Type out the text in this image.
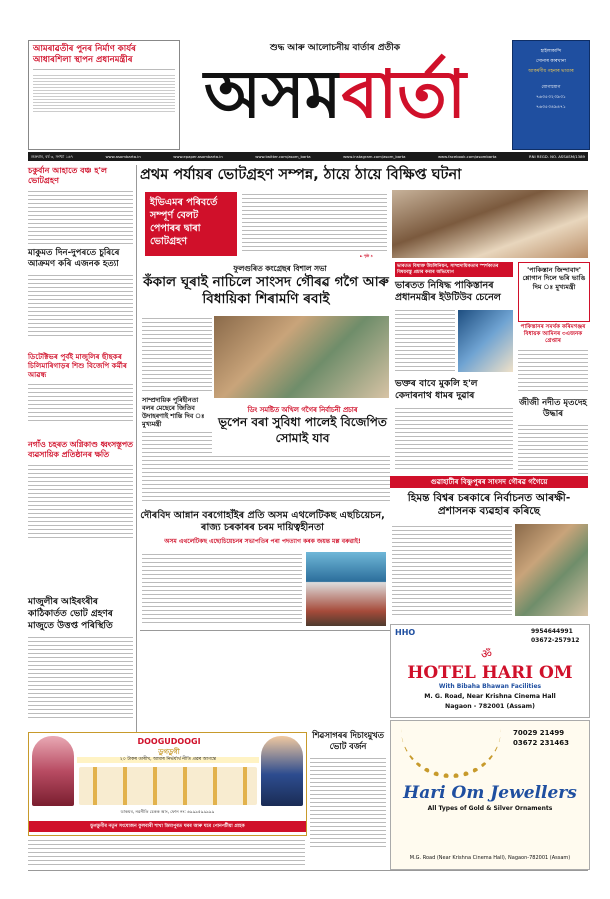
আমৰাৱতীৰ পুনৰ নিৰ্মাণ কাৰ্যৰ
আধাৰশিলা স্থাপন প্ৰধানমন্ত্ৰীৰ
শুদ্ধ আৰু আলোচনীয় বাৰ্তাৰ প্ৰতীক
অসমবাৰ্তা
হাইলাকান্দি
সোনাৰ কাৰখানা
আকৰ্ষণীয় গহনাৰ ভাণ্ডাৰ
যোগাযোগ
৭৬৩৫৩২৩৯৩১
৭৬৩৫৩৪৯৪৭১
শুক্ৰবাৰ, বৰ্ষ ৩, সংখ্যা ১৬৭	www.asombarta.in	www.epaper.asombarta.in	www.twitter.com/asom_barta	www.instagram.com/asom_barta	www.facebook.com/asombarta	RNI REGD. NO. ASSASM/1389
চকুৰ্বান আহাতে বঞ্চ হ'ল ভোটগ্ৰহণ
মাকুমত দিন-দুপৰতে চুৰিৰে আক্ৰমণ কৰি এজনক হত্যা
ডিটেক্টিভৰ পুৰ্বই মাজুলিৰ ছীছকৰ চিলিমাৰিগাড়ৰ শিশু বিজেপি কৰ্মীৰ আৱন্ধ
নগাঁও চহৰত অগ্নিকাণ্ড ধ্বংসস্তূপত ব্যৱসায়িক প্ৰতিষ্ঠানৰ ক্ষতি
মাজুলীৰ আইৰংৰীৰ কাঠিকাৰ্তত ভোট গ্ৰহণৰ মাজুতে উত্তপ্ত পৰিস্থিতি
প্ৰথম পৰ্যায়ৰ ভোটগ্ৰহণ সম্পন্ন, ঠায়ে ঠায়ে বিক্ষিপ্ত ঘটনা
ইভিএমৰ পৰিবৰ্তে সম্পূৰ্ণ বেলট পেপাৰৰ দ্বাৰা ভোটগ্ৰহণ
► পৃষ্ঠা ৪
ফুলগুৰিত কংগ্ৰেছৰ বিশাল সভা
কঁকাল ঘূৰাই নাচিলে সাংসদ গৌৰৱ গগৈ আৰু বিধায়িকা শিৰামণি ৰবাই
সাম্প্ৰদায়িক পুৰিহীনতা বলৰ মেছেৰে জিতিব উদাহৰণাই শান্তি দিব ঃ মুখ্যমন্ত্ৰী
ডিং সমষ্টিত অখিল গগৈৰ নিৰ্বাচনী প্ৰচাৰ
ভূপেন বৰা সুবিধা পালেই বিজেপিত সোমাই যাব
ভাৰতত বিষাক্ত উচলিনিয়ন, সাম্প্ৰদায়িকতাৰ স্পৰ্শকাতৰ বিষয়বস্তু প্ৰচাৰ কৰাৰ অভিযোগ
ভাৰতত নিষিদ্ধ পাকিস্তানৰ প্ৰধানমন্ত্ৰীৰ ইউটিউব চেনেল
'পাকিস্তান জিন্দাবাদ' শ্লোগান দিলে ভৰি ভাঙি দিম ঃ মুখ্যমন্ত্ৰী
পাকিস্তানৰ সমৰ্থক কৰিমগঞ্জৰ বিধায়ক আমিনৰ ৩এজনক গ্ৰেপ্তাৰ
ভক্তৰ বাবে মুকলি হ'ল কেদাৰনাথ ধামৰ দুৱাৰ
জীজী নদীত মৃতদেহ উদ্ধাৰ
গুৱাহাটীৰ বিষ্ণুপুৰৰ সাংসদ গৌৰৱ গগৈয়ে
হিমন্ত বিশ্বৰ চৰকাৰে নিৰ্বাচনত আৰক্ষী-প্ৰশাসনক ব্যৱহাৰ কৰিছে
দৌৰবিদ আন্নান বৰগোহাঁইৰ প্ৰতি অসম এথলেটিকছ এছচিয়েচন, ৰাজ্য চৰকাৰৰ চৰম দায়িত্বহীনতা
অসম এথলেটিকছ এছোচিয়েচনৰ সভাপতিৰ পৰা পদত্যাগ কৰক জয়ন্ত মল্ল বৰুৱাই!
HHO
ॐ
9954644991
03672-257912
HOTEL HARI OM
With Bibaha Bhawan Facilities
M. G. Road, Near Krishna Cinema Hall
Nagaon - 782001 (Assam)
70029 21499
03672 231463
Hari Om Jewellers
All Types of Gold & Silver Ornaments
M.G. Road (Near Krishna Cinema Hall), Nagaon-782001 (Assam)
DOOGUDOOGI
ডুগডুগী
২০ টাকৰ তাৰীখ, আমাৰ নিৰ্ভৰ্যাৰ্থ নীতি প্ৰৱৰ আগন্তে
ডাকঘৰ, নৱনীতি চেকক আং, ফোন নং: ৬৯৯৯৫৯৯৯৯৯
ডুগডুগীৰ নতুন সংযোজন ফুলবাৰী শাখা ডিমাপুৰত ঘৰৰ আৰু ঘৰে পোনপটীয়া গ্ৰাহক
শিৱসাগৰৰ দিচাংমুখত ভোট বৰ্জন
